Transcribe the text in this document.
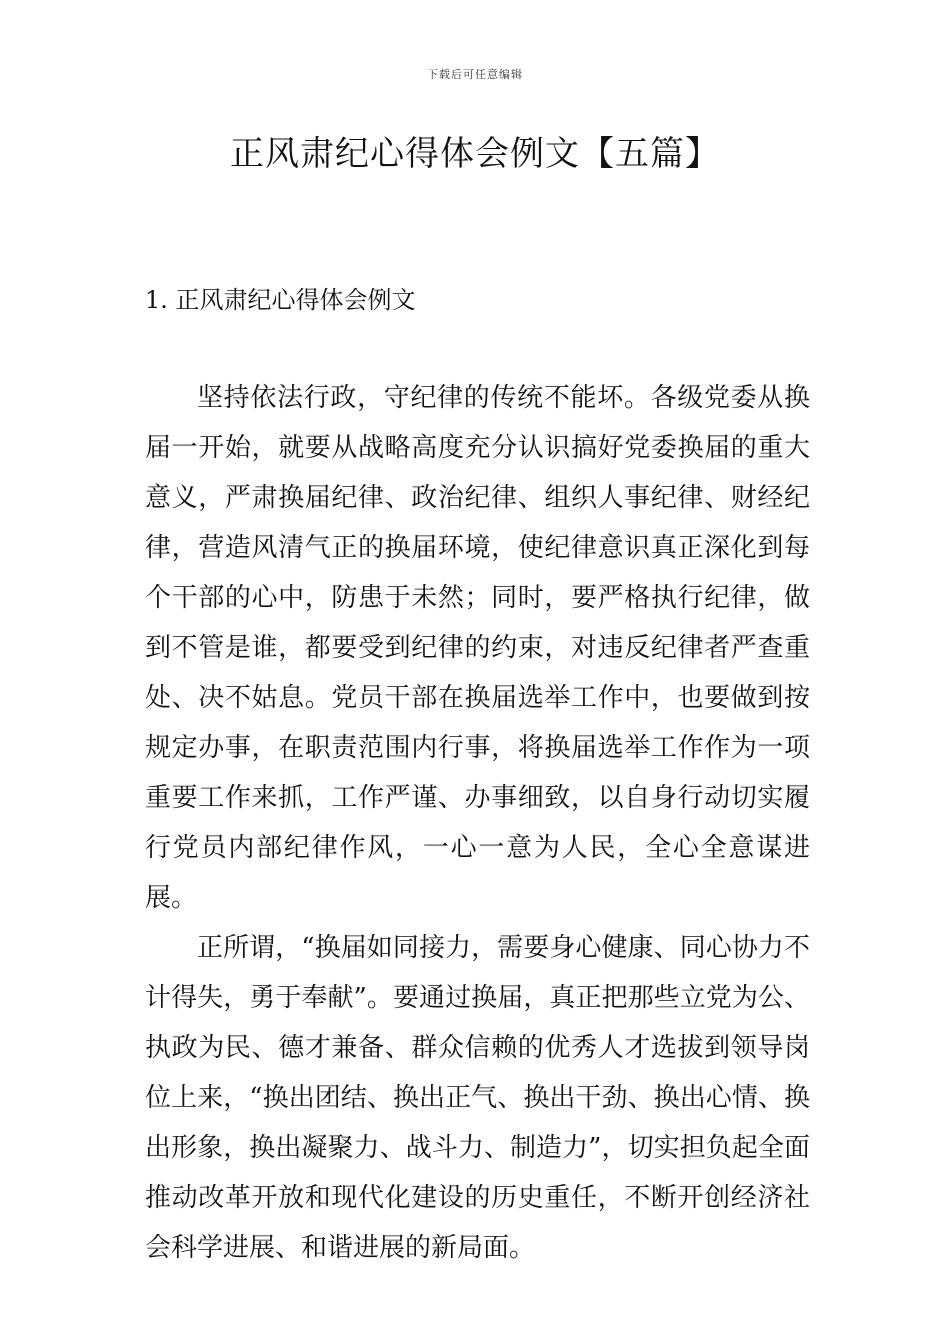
下载后可任意编辑
正风肃纪心得体会例文【五篇】
1. 正风肃纪心得体会例文

坚持依法行政，守纪律的传统不能坏。各级党委从换届一开始，就要从战略高度充分认识搞好党委换届的重大意义，严肃换届纪律、政治纪律、组织人事纪律、财经纪律，营造风清气正的换届环境，使纪律意识真正深化到每个干部的心中，防患于未然；同时，要严格执行纪律，做到不管是谁，都要受到纪律的约束，对违反纪律者严查重处、决不姑息。党员干部在换届选举工作中，也要做到按规定办事，在职责范围内行事，将换届选举工作作为一项重要工作来抓，工作严谨、办事细致，以自身行动切实履行党员内部纪律作风，一心一意为人民，全心全意谋进展。

正所谓，“换届如同接力，需要身心健康、同心协力不计得失，勇于奉献”。要通过换届，真正把那些立党为公、执政为民、德才兼备、群众信赖的优秀人才选拔到领导岗位上来，“换出团结、换出正气、换出干劲、换出心情、换出形象，换出凝聚力、战斗力、制造力”，切实担负起全面推动改革开放和现代化建设的历史重任，不断开创经济社会科学进展、和谐进展的新局面。
